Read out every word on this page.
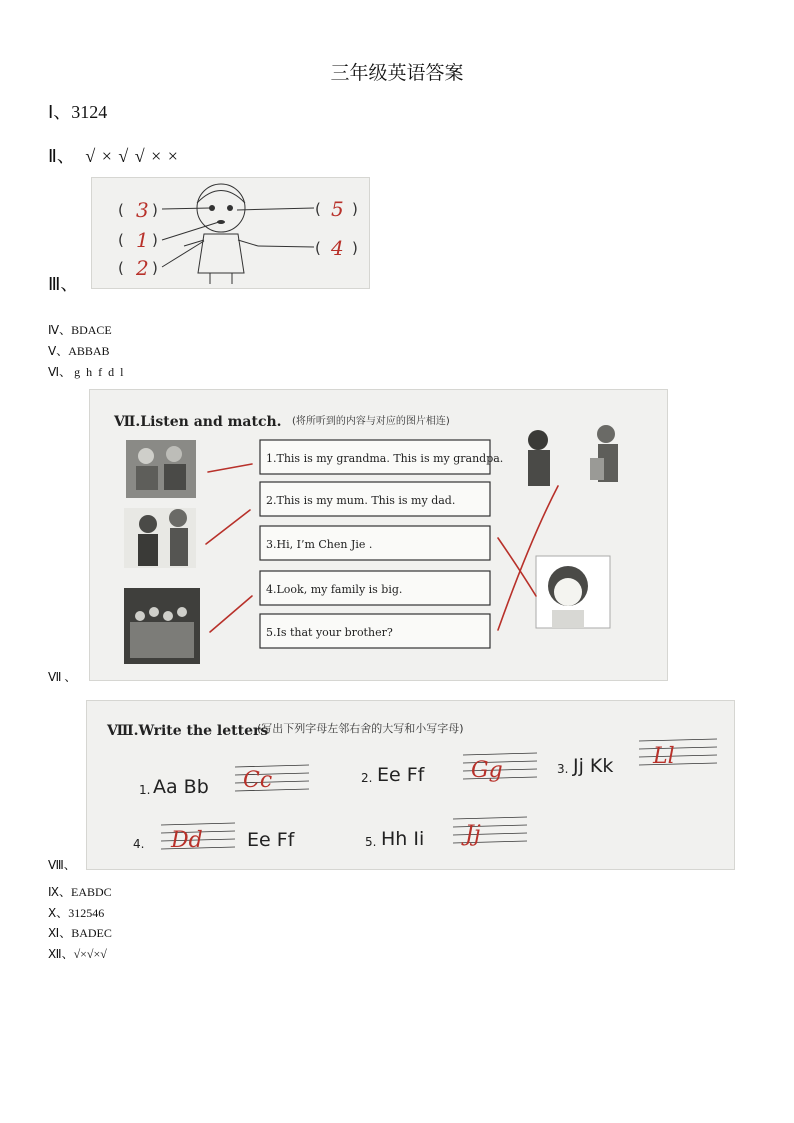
三年级英语答案
Ⅰ、3124
Ⅱ、 √ × √ √ × ×
Ⅲ、
( )
( )
( )
( )
( )
3
1
2
5
4
Ⅳ、BDACE
Ⅴ、ABBAB
Ⅵ、 g  h  f  d  l
Ⅶ.Listen and match. (将所听到的内容与对应的图片相连)
1.This is my grandma. This is my grandpa.
2.This is my mum. This is my dad.
3.Hi, I’m Chen Jie .
4.Look, my family is big.
5.Is that your brother?
Ⅶ 、
Ⅷ.Write the letters
(写出下列字母左邻右舍的大写和小写字母)
1. Aa Bb Cc	2. Ee Ff Gg	3. Jj Kk Ll
4. Dd Ee Ff	5. Hh Ii Jj
Ⅷ、
Ⅸ、EABDC
Ⅹ、312546
Ⅺ、BADEC
Ⅻ、√×√×√
